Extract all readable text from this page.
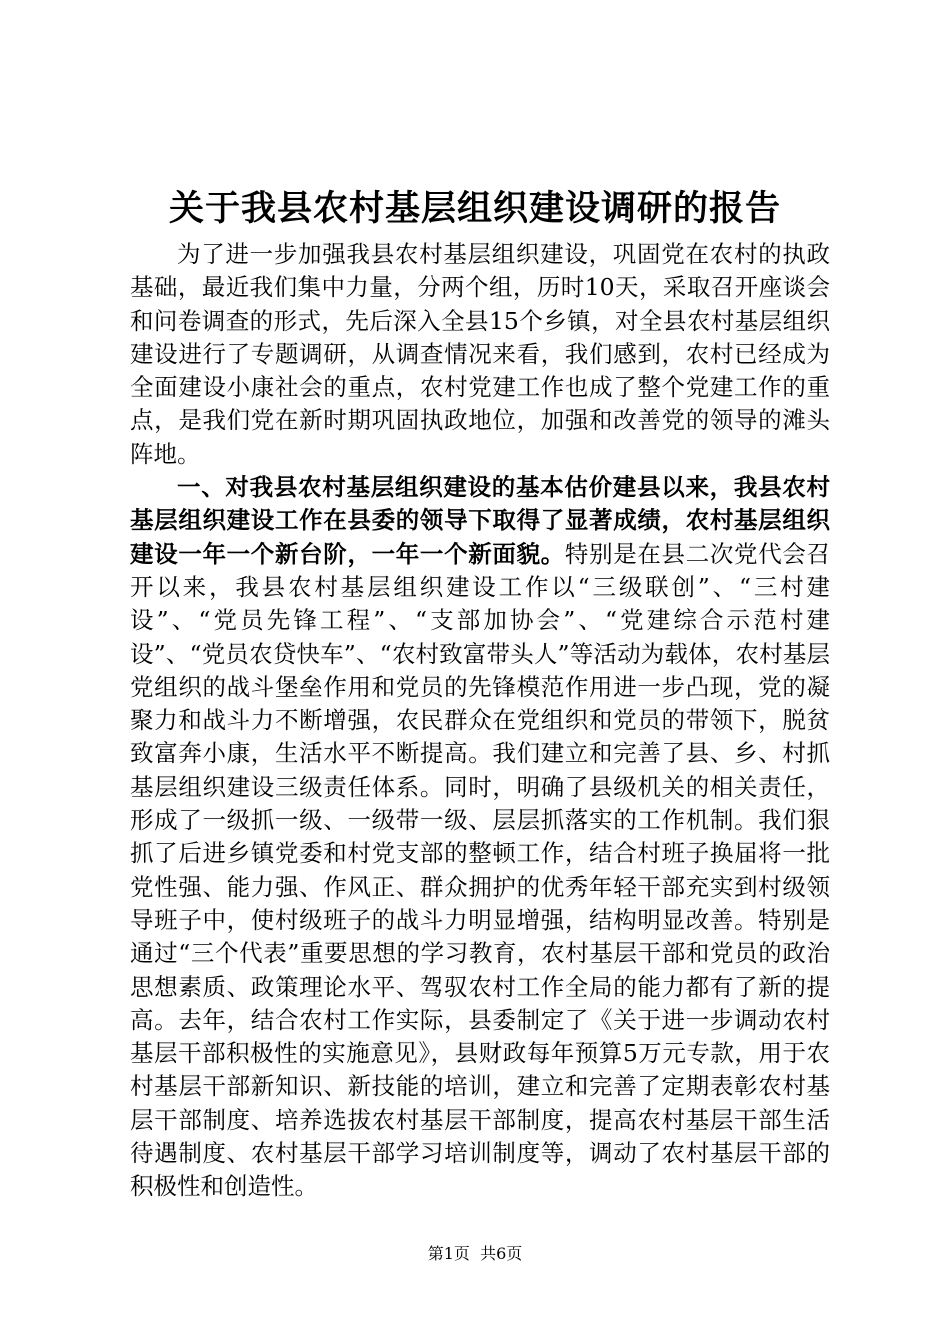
关于我县农村基层组织建设调研的报告

为了进一步加强我县农村基层组织建设，巩固党在农村的执政基础，最近我们集中力量，分两个组，历时10天，采取召开座谈会和问卷调查的形式，先后深入全县15个乡镇，对全县农村基层组织建设进行了专题调研，从调查情况来看，我们感到，农村已经成为全面建设小康社会的重点，农村党建工作也成了整个党建工作的重点，是我们党在新时期巩固执政地位，加强和改善党的领导的滩头阵地。

一、对我县农村基层组织建设的基本估价建县以来，我县农村基层组织建设工作在县委的领导下取得了显著成绩，农村基层组织建设一年一个新台阶，一年一个新面貌。特别是在县二次党代会召开以来，我县农村基层组织建设工作以“三级联创”、“三村建设”、“党员先锋工程”、“支部加协会”、“党建综合示范村建设”、“党员农贷快车”、“农村致富带头人”等活动为载体，农村基层党组织的战斗堡垒作用和党员的先锋模范作用进一步凸现，党的凝聚力和战斗力不断增强，农民群众在党组织和党员的带领下，脱贫致富奔小康，生活水平不断提高。我们建立和完善了县、乡、村抓基层组织建设三级责任体系。同时，明确了县级机关的相关责任，形成了一级抓一级、一级带一级、层层抓落实的工作机制。我们狠抓了后进乡镇党委和村党支部的整顿工作，结合村班子换届将一批党性强、能力强、作风正、群众拥护的优秀年轻干部充实到村级领导班子中，使村级班子的战斗力明显增强，结构明显改善。特别是通过“三个代表”重要思想的学习教育，农村基层干部和党员的政治思想素质、政策理论水平、驾驭农村工作全局的能力都有了新的提高。去年，结合农村工作实际，县委制定了《关于进一步调动农村基层干部积极性的实施意见》，县财政每年预算5万元专款，用于农村基层干部新知识、新技能的培训，建立和完善了定期表彰农村基层干部制度、培养选拔农村基层干部制度，提高农村基层干部生活待遇制度、农村基层干部学习培训制度等，调动了农村基层干部的积极性和创造性。

第1页  共6页
